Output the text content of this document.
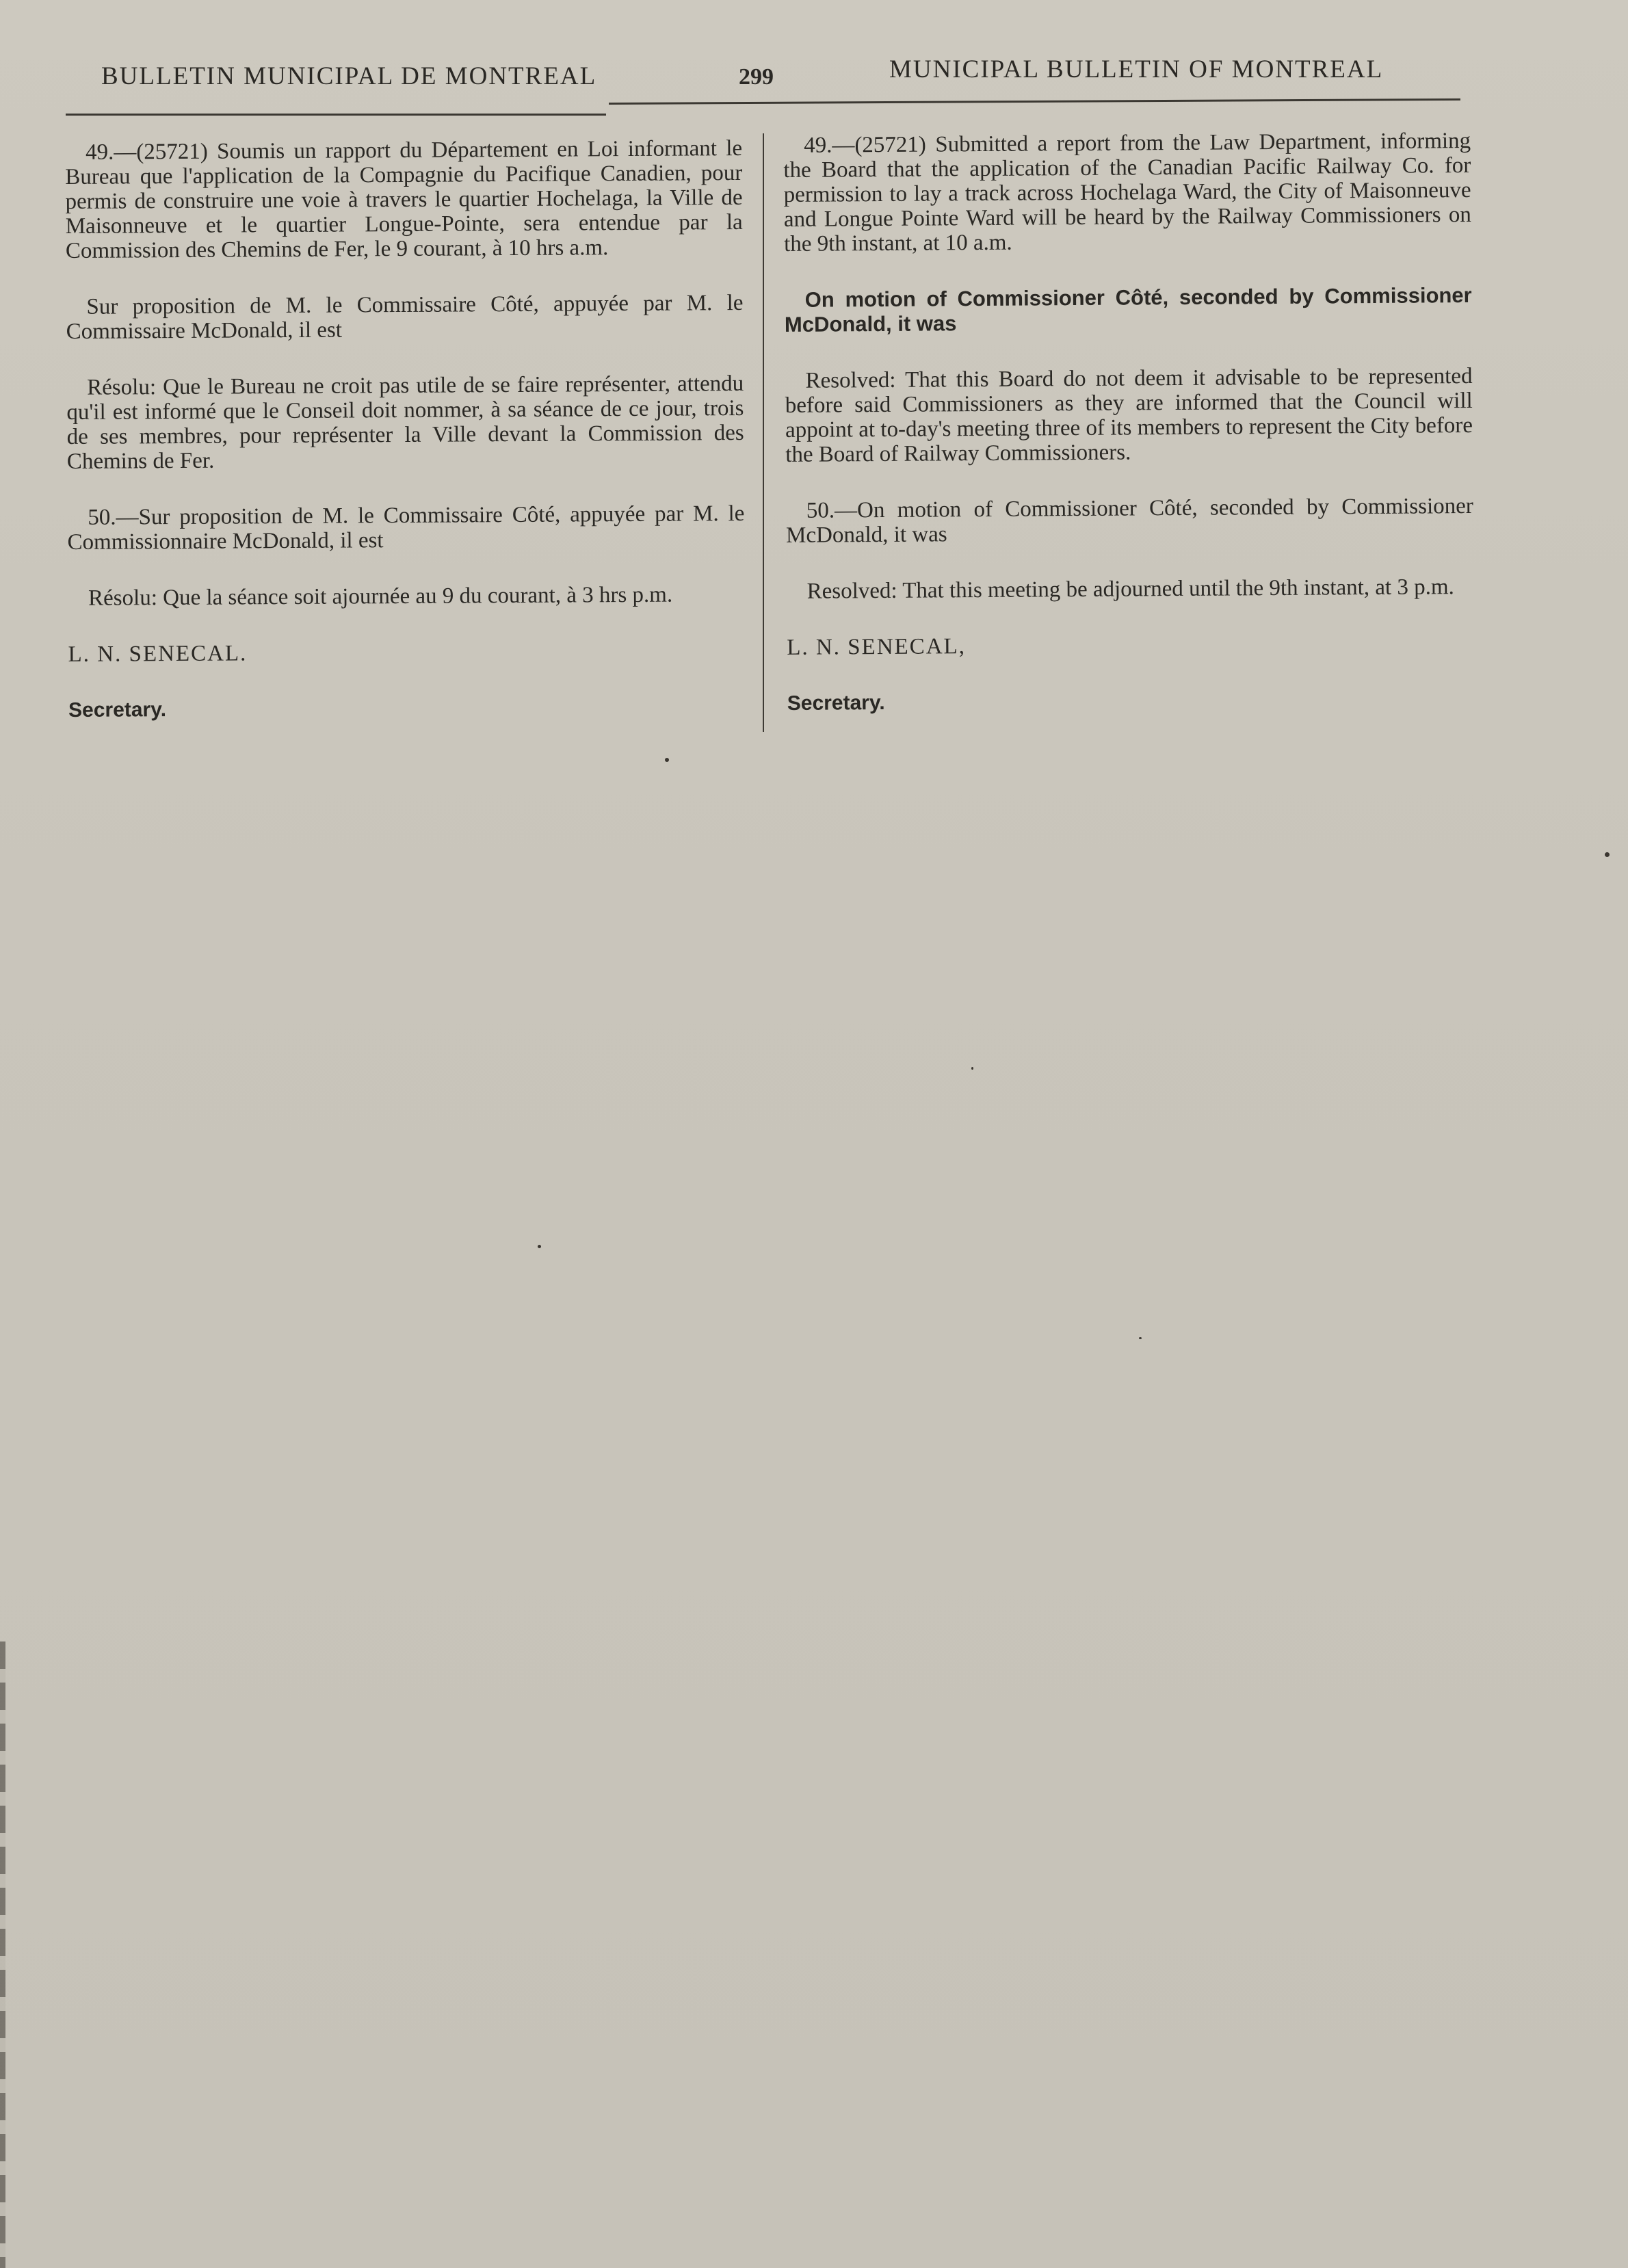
BULLETIN MUNICIPAL DE MONTREAL	299	MUNICIPAL BULLETIN OF MONTREAL

49.—(25721) Soumis un rapport du Département en Loi informant le Bureau que l'application de la Compagnie du Pacifique Canadien, pour permis de construire une voie à travers le quartier Hochelaga, la Ville de Maisonneuve et le quartier Longue-Pointe, sera entendue par la Commission des Chemins de Fer, le 9 courant, à 10 hrs a.m.

Sur proposition de M. le Commissaire Côté, appuyée par M. le Commissaire McDonald, il est

Résolu: Que le Bureau ne croit pas utile de se faire représenter, attendu qu'il est informé que le Conseil doit nommer, à sa séance de ce jour, trois de ses membres, pour représenter la Ville devant la Commission des Chemins de Fer.

50.—Sur proposition de M. le Commissaire Côté, appuyée par M. le Commissionnaire McDonald, il est

Résolu: Que la séance soit ajournée au 9 du courant, à 3 hrs p.m.

L. N. SENECAL.

Secretary.

49.—(25721) Submitted a report from the Law Department, informing the Board that the application of the Canadian Pacific Railway Co. for permission to lay a track across Hochelaga Ward, the City of Maisonneuve and Longue Pointe Ward will be heard by the Railway Commissioners on the 9th instant, at 10 a.m.

On motion of Commissioner Côté, seconded by Commissioner McDonald, it was

Resolved: That this Board do not deem it advisable to be represented before said Commissioners as they are informed that the Council will appoint at to-day's meeting three of its members to represent the City before the Board of Railway Commissioners.

50.—On motion of Commissioner Côté, seconded by Commissioner McDonald, it was

Resolved: That this meeting be adjourned until the 9th instant, at 3 p.m.

L. N. SENECAL,

Secretary.
